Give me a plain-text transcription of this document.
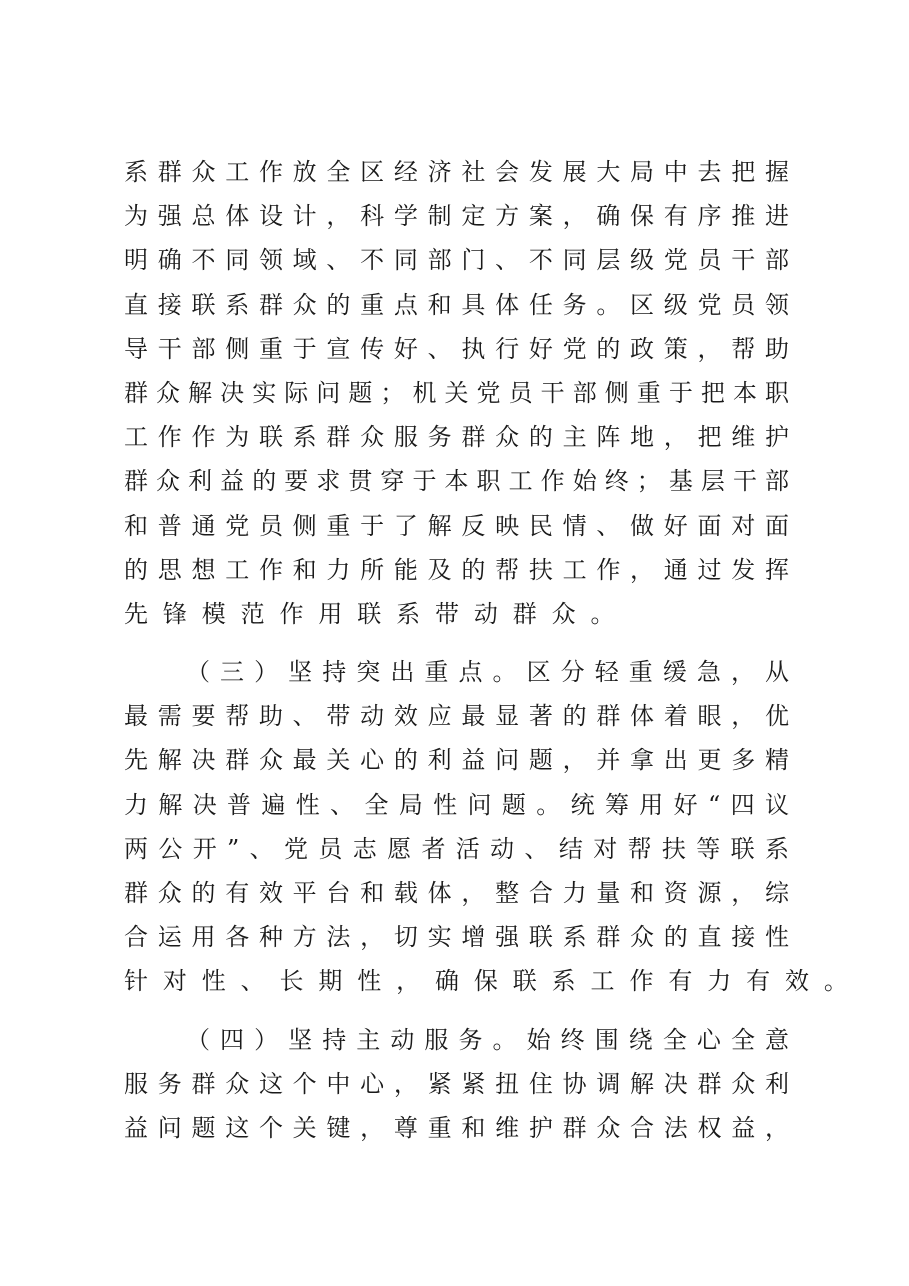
系群众工作放全区经济社会发展大局中去把握
为强总体设计，科学制定方案，确保有序推进
明确不同领域、不同部门、不同层级党员干部
直接联系群众的重点和具体任务。区级党员领
导干部侧重于宣传好、执行好党的政策，帮助
群众解决实际问题；机关党员干部侧重于把本职
工作作为联系群众服务群众的主阵地，把维护
群众利益的要求贯穿于本职工作始终；基层干部
和普通党员侧重于了解反映民情、做好面对面
的思想工作和力所能及的帮扶工作，通过发挥
先锋模范作用联系带动群众。
（三）坚持突出重点。区分轻重缓急，从
最需要帮助、带动效应最显著的群体着眼，优
先解决群众最关心的利益问题，并拿出更多精
力解决普遍性、全局性问题。统筹用好“四议
两公开”、党员志愿者活动、结对帮扶等联系
群众的有效平台和载体，整合力量和资源，综
合运用各种方法，切实增强联系群众的直接性
针对性、长期性，确保联系工作有力有效。
（四）坚持主动服务。始终围绕全心全意
服务群众这个中心，紧紧扭住协调解决群众利
益问题这个关键，尊重和维护群众合法权益，
